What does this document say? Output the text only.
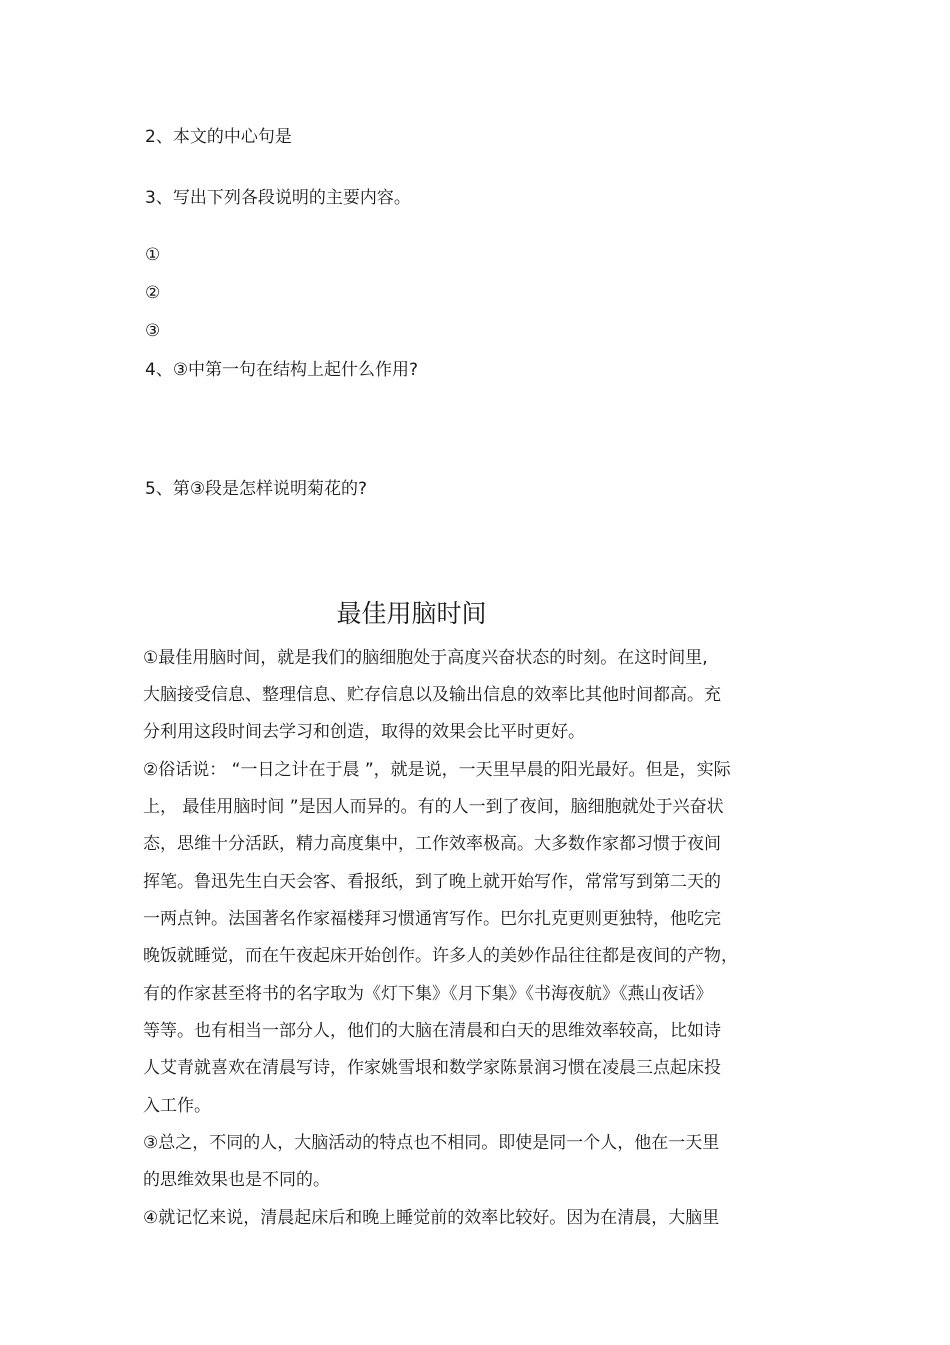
2、本文的中心句是
3、写出下列各段说明的主要内容。
①
②
③
4、③中第一句在结构上起什么作用?
5、第③段是怎样说明菊花的?
最佳用脑时间
①最佳用脑时间，就是我们的脑细胞处于高度兴奋状态的时刻。在这时间里,
大脑接受信息、整理信息、贮存信息以及输出信息的效率比其他时间都高。充
分利用这段时间去学习和创造，取得的效果会比平时更好。
②俗话说： “一日之计在于晨 ”，就是说，一天里早晨的阳光最好。但是，实际
上， 最佳用脑时间 ”是因人而异的。有的人一到了夜间，脑细胞就处于兴奋状
态，思维十分活跃，精力高度集中，工作效率极高。大多数作家都习惯于夜间
挥笔。鲁迅先生白天会客、看报纸，到了晚上就开始写作，常常写到第二天的
一两点钟。法国著名作家福楼拜习惯通宵写作。巴尔扎克更则更独特，他吃完
晚饭就睡觉，而在午夜起床开始创作。许多人的美妙作品往往都是夜间的产物，
有的作家甚至将书的名字取为《灯下集》《月下集》《书海夜航》《燕山夜话》
等等。也有相当一部分人，他们的大脑在清晨和白天的思维效率较高，比如诗
人艾青就喜欢在清晨写诗，作家姚雪垠和数学家陈景润习惯在凌晨三点起床投
入工作。
③总之，不同的人，大脑活动的特点也不相同。即使是同一个人，他在一天里
的思维效果也是不同的。
④就记忆来说，清晨起床后和晚上睡觉前的效率比较好。因为在清晨，大脑里
